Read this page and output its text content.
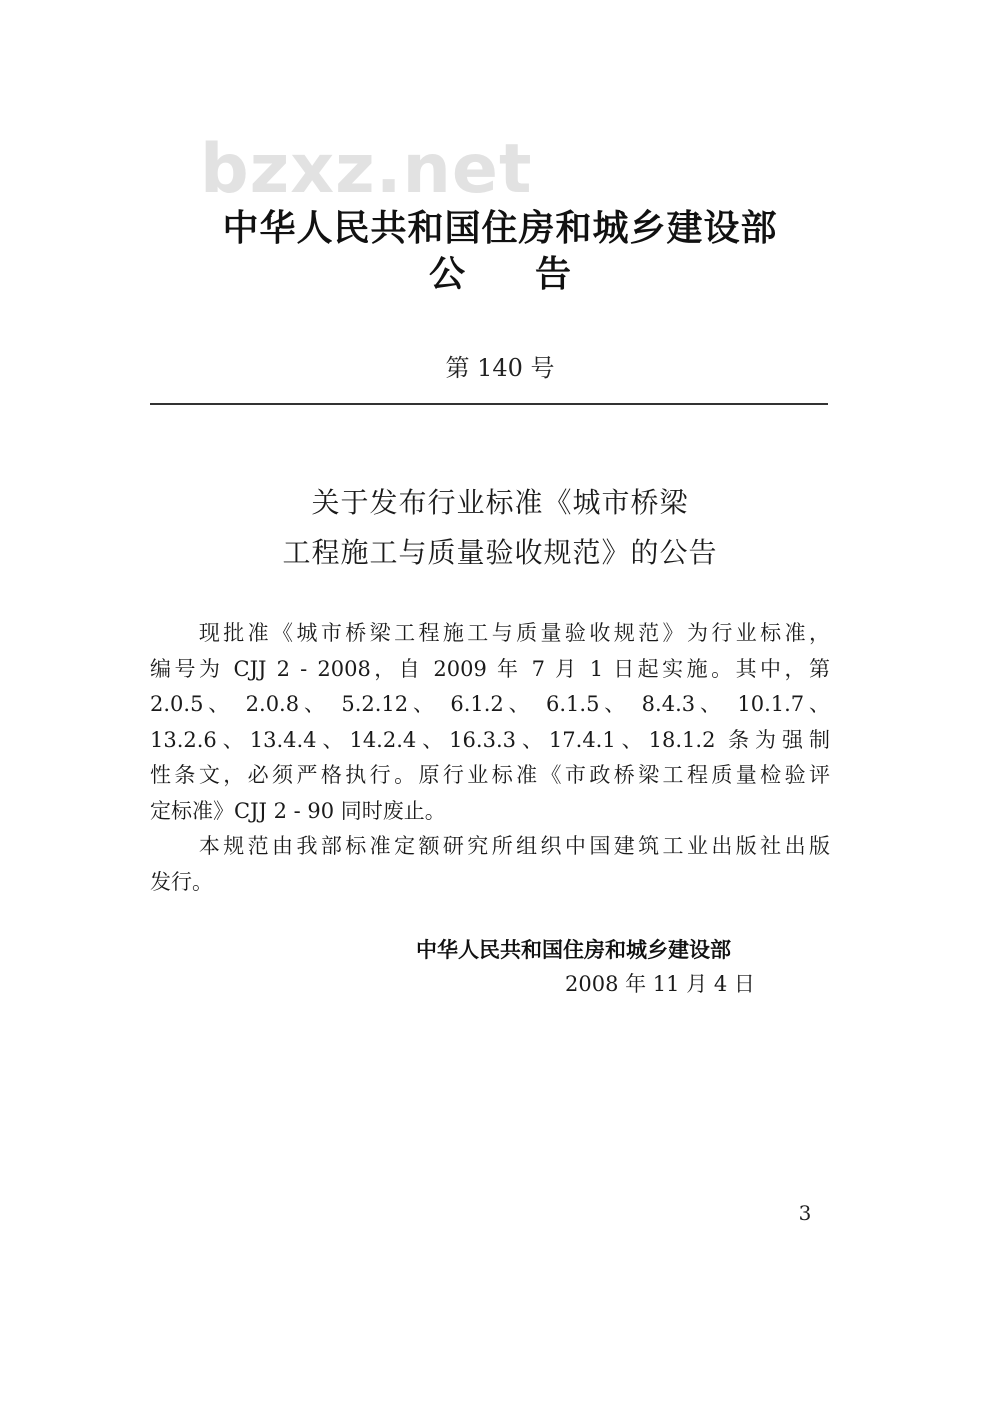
bzxz.net
中华人民共和国住房和城乡建设部
公告
第 140 号
关于发布行业标准《城市桥梁
工程施工与质量验收规范》的公告
　　现批准《城市桥梁工程施工与质量验收规范》为行业标准，
编号为 CJJ 2 - 2008，自 2009 年 7 月 1 日起实施。其中，第
2.0.5、 2.0.8、 5.2.12、 6.1.2、 6.1.5、 8.4.3、 10.1.7、
13.2.6、13.4.4、14.2.4、16.3.3、17.4.1、18.1.2 条为强制
性条文，必须严格执行。原行业标准《市政桥梁工程质量检验评
定标准》CJJ 2 - 90 同时废止。
　　本规范由我部标准定额研究所组织中国建筑工业出版社出版
发行。
中华人民共和国住房和城乡建设部
2008 年 11 月 4 日
3
